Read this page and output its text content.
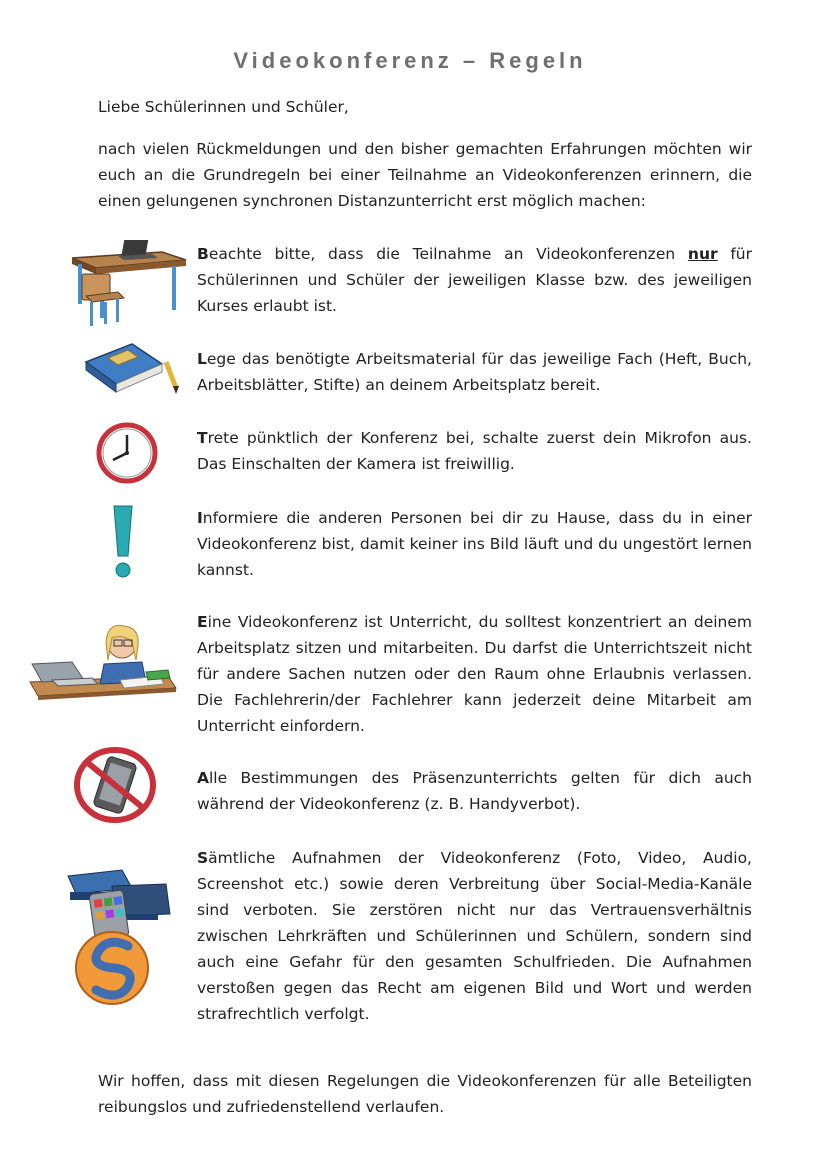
Videokonferenz – Regeln

Liebe Schülerinnen und Schüler,

nach vielen Rückmeldungen und den bisher gemachten Erfahrungen möchten wir euch an die Grundregeln bei einer Teilnahme an Videokonferenzen erinnern, die einen gelungenen synchronen Distanzunterricht erst möglich machen:

Beachte bitte, dass die Teilnahme an Videokonferenzen nur für Schülerinnen und Schüler der jeweiligen Klasse bzw. des jeweiligen Kurses erlaubt ist.

Lege das benötigte Arbeitsmaterial für das jeweilige Fach (Heft, Buch, Arbeitsblätter, Stifte) an deinem Arbeitsplatz bereit.

Trete pünktlich der Konferenz bei, schalte zuerst dein Mikrofon aus. Das Einschalten der Kamera ist freiwillig.

Informiere die anderen Personen bei dir zu Hause, dass du in einer Videokonferenz bist, damit keiner ins Bild läuft und du ungestört lernen kannst.

Eine Videokonferenz ist Unterricht, du solltest konzentriert an deinem Arbeitsplatz sitzen und mitarbeiten. Du darfst die Unterrichtszeit nicht für andere Sachen nutzen oder den Raum ohne Erlaubnis verlassen. Die Fachlehrerin/der Fachlehrer kann jederzeit deine Mitarbeit am Unterricht einfordern.

Alle Bestimmungen des Präsenzunterrichts gelten für dich auch während der Videokonferenz (z. B. Handyverbot).

Sämtliche Aufnahmen der Videokonferenz (Foto, Video, Audio, Screenshot etc.) sowie deren Verbreitung über Social-Media-Kanäle sind verboten. Sie zerstören nicht nur das Vertrauensverhältnis zwischen Lehrkräften und Schülerinnen und Schülern, sondern sind auch eine Gefahr für den gesamten Schulfrieden. Die Aufnahmen verstoßen gegen das Recht am eigenen Bild und Wort und werden strafrechtlich verfolgt.

Wir hoffen, dass mit diesen Regelungen die Videokonferenzen für alle Beteiligten reibungslos und zufriedenstellend verlaufen.
